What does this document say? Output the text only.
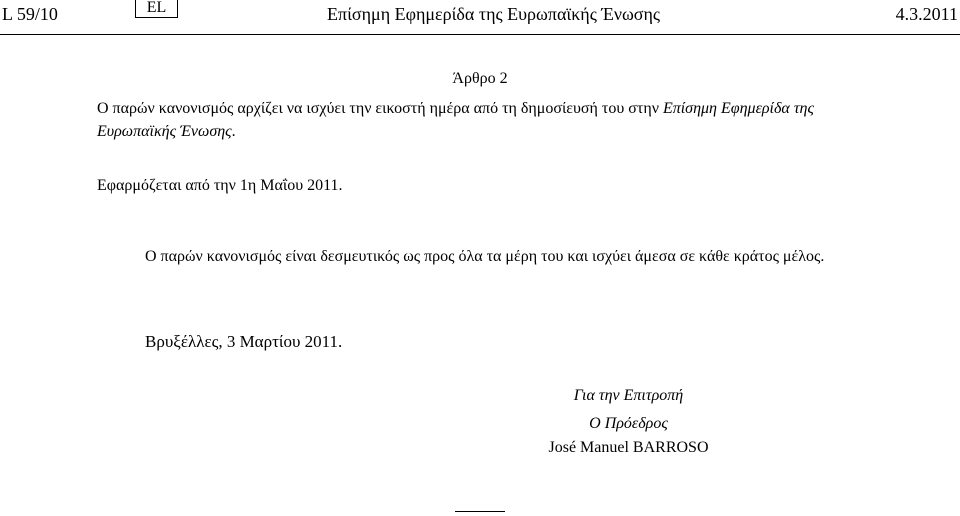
L 59/10	EL	Επίσημη Εφημερίδα της Ευρωπαϊκής Ένωσης	4.3.2011
Άρθρο 2
Ο παρών κανονισμός αρχίζει να ισχύει την εικοστή ημέρα από τη δημοσίευσή του στην Επίσημη Εφημερίδα της Ευρωπαϊκής Ένωσης.
Εφαρμόζεται από την 1η Μαΐου 2011.
Ο παρών κανονισμός είναι δεσμευτικός ως προς όλα τα μέρη του και ισχύει άμεσα σε κάθε κράτος μέλος.
Βρυξέλλες, 3 Μαρτίου 2011.
Για την Επιτροπή
Ο Πρόεδρος
José Manuel BARROSO
